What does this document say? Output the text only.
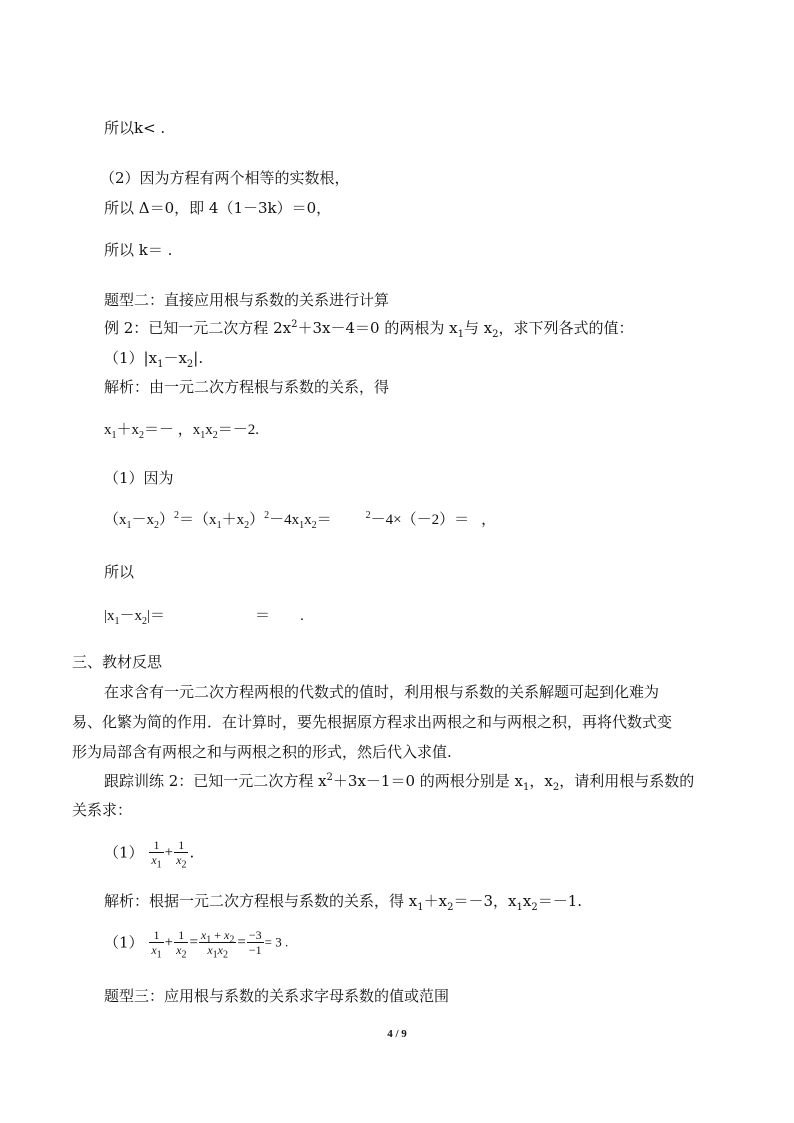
所以k< .
（2）因为方程有两个相等的实数根，
所以 Δ＝0，即 4（1－3k）＝0，
所以 k＝ .
题型二：直接应用根与系数的关系进行计算
例 2：已知一元二次方程 $2x^2+3x-4=0$ 的两根为 $x_1$与 $x_2$，求下列各式的值：
$(1)|x_1-x_2|$.
解析：由一元二次方程根与系数的关系，得
$x_1+x_2=-$ ，$x_1x_2=-2$.
（1）因为
$(x_1-x_2)^2=(x_1+x_2)^2-4x_1x_2=$	$^2$－4×（－2）＝ ，
所以
$|x_1-x_2|=$	＝ .
三、教材反思
在求含有一元二次方程两根的代数式的值时，利用根与系数的关系解题可起到化难为
易、化繁为简的作用．在计算时，要先根据原方程求出两根之和与两根之积，再将代数式变
形为局部含有两根之和与两根之积的形式，然后代入求值.
跟踪训练 2：已知一元二次方程 $x^2+3x-1=0$ 的两根分别是 $x_1$，$x_2$，请利用根与系数的
关系求：
$(1) \frac{1}{x_1} + \frac{1}{x_2}$ .
解析：根据一元二次方程根与系数的关系，得 $x_1+x_2=-3$，$x_1x_2=-1$.
$(1) \frac{1}{x_1} + \frac{1}{x_2} = \frac{x_1 + x_2}{x_1x_2} = \frac{-3}{-1} = 3$ .
题型三：应用根与系数的关系求字母系数的值或范围
4 / 9
